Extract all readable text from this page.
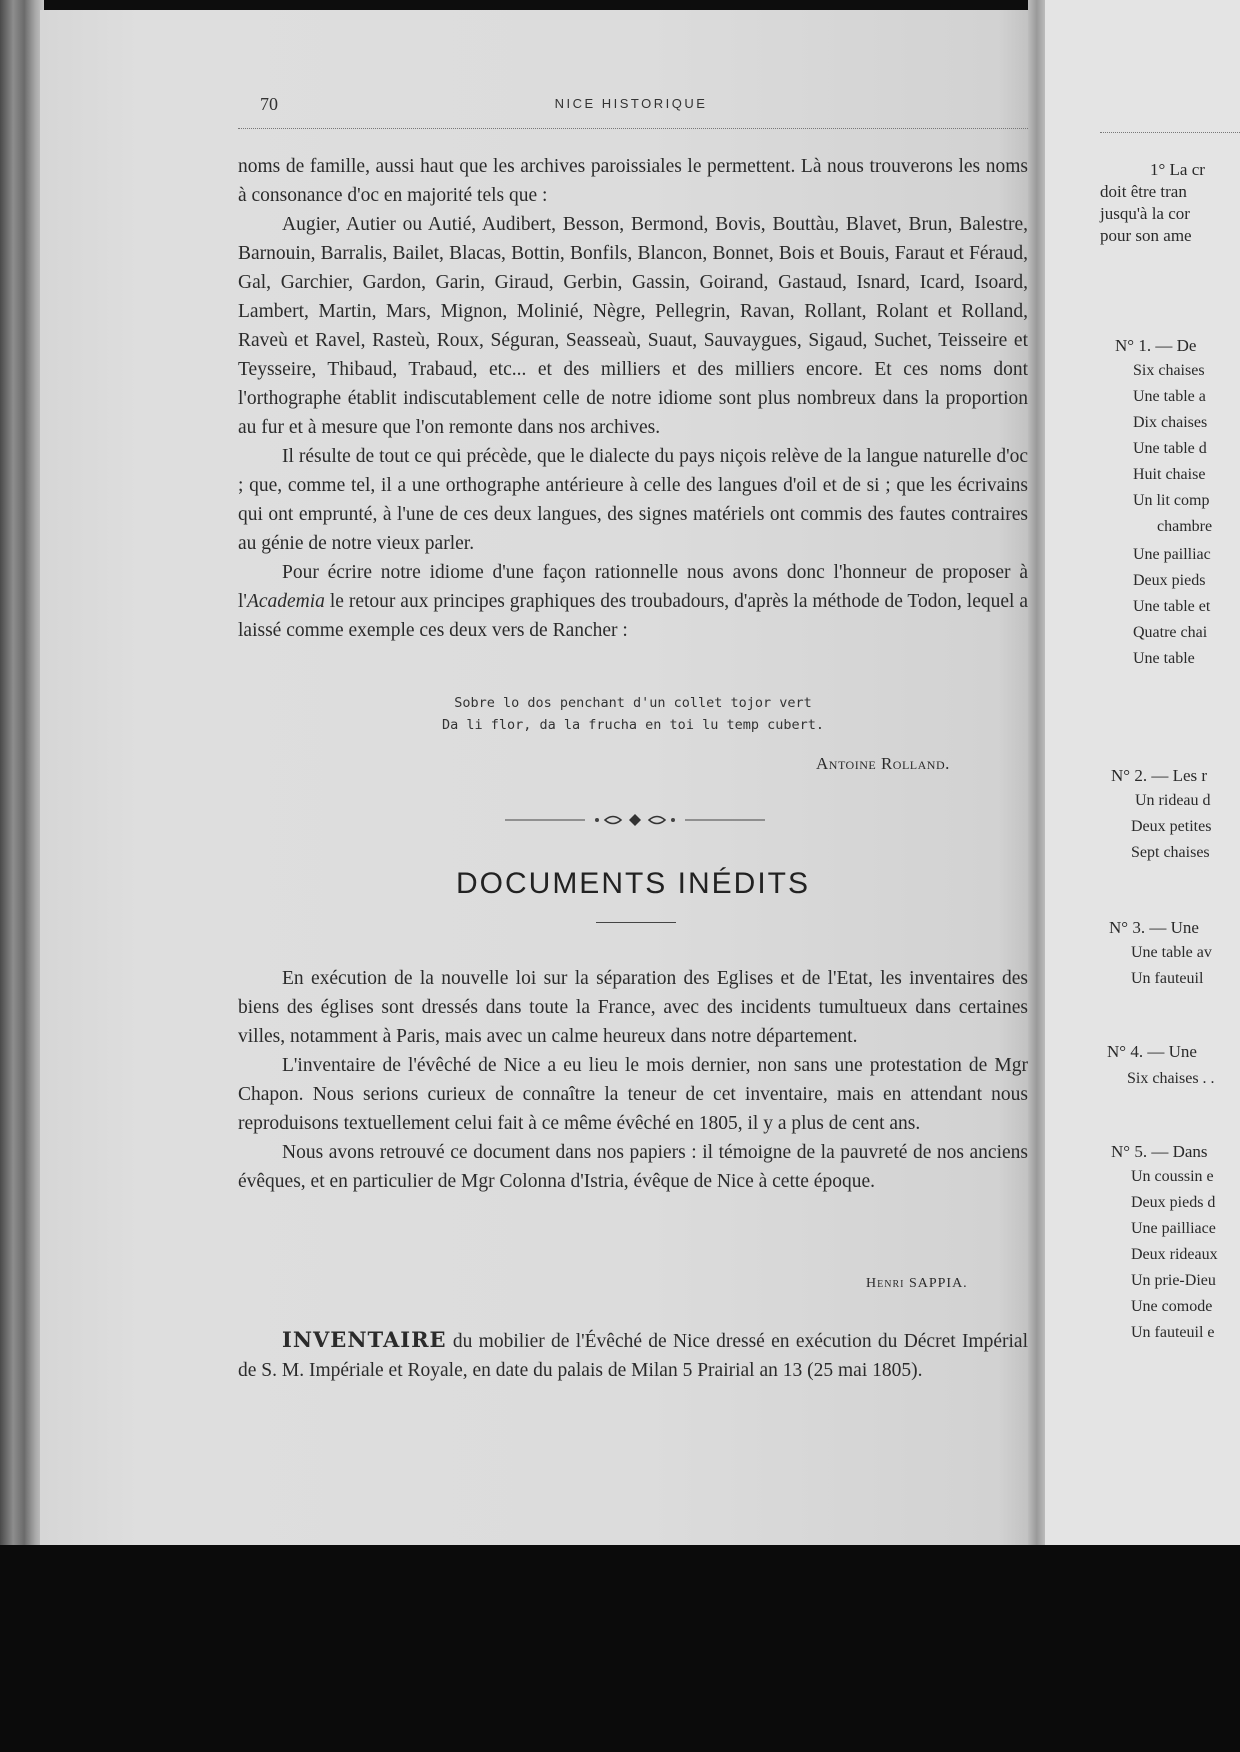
70	NICE HISTORIQUE

noms de famille, aussi haut que les archives paroissiales le permettent. Là nous trouverons les noms à consonance d'oc en majorité tels que :

Augier, Autier ou Autié, Audibert, Besson, Bermond, Bovis, Bouttàu, Blavet, Brun, Balestre, Barnouin, Barralis, Bailet, Blacas, Bottin, Bonfils, Blancon, Bonnet, Bois et Bouis, Faraut et Féraud, Gal, Garchier, Gardon, Garin, Giraud, Gerbin, Gassin, Goirand, Gastaud, Isnard, Icard, Isoard, Lambert, Martin, Mars, Mignon, Molinié, Nègre, Pellegrin, Ravan, Rollant, Rolant et Rolland, Raveù et Ravel, Rasteù, Roux, Séguran, Seasseaù, Suaut, Sauvaygues, Sigaud, Suchet, Teisseire et Teysseire, Thibaud, Trabaud, etc... et des milliers et des milliers encore. Et ces noms dont l'orthographe établit indiscutablement celle de notre idiome sont plus nombreux dans la proportion au fur et à mesure que l'on remonte dans nos archives.

Il résulte de tout ce qui précède, que le dialecte du pays niçois relève de la langue naturelle d'oc ; que, comme tel, il a une orthographe antérieure à celle des langues d'oil et de si ; que les écrivains qui ont emprunté, à l'une de ces deux langues, des signes matériels ont commis des fautes contraires au génie de notre vieux parler.

Pour écrire notre idiome d'une façon rationnelle nous avons donc l'honneur de proposer à l'Academia le retour aux principes graphiques des troubadours, d'après la méthode de Todon, lequel a laissé comme exemple ces deux vers de Rancher :

Sobre lo dos penchant d'un collet tojor vert
Da li flor, da la frucha en toi lu temp cubert.
Antoine Rolland.
DOCUMENTS INÉDITS

En exécution de la nouvelle loi sur la séparation des Eglises et de l'Etat, les inventaires des biens des églises sont dressés dans toute la France, avec des incidents tumultueux dans certaines villes, notamment à Paris, mais avec un calme heureux dans notre département.

L'inventaire de l'évêché de Nice a eu lieu le mois dernier, non sans une protestation de Mgr Chapon. Nous serions curieux de connaître la teneur de cet inventaire, mais en attendant nous reproduisons textuellement celui fait à ce même évêché en 1805, il y a plus de cent ans.

Nous avons retrouvé ce document dans nos papiers : il témoigne de la pauvreté de nos anciens évêques, et en particulier de Mgr Colonna d'Istria, évêque de Nice à cette époque.

Henri SAPPIA.

INVENTAIRE du mobilier de l'Évêché de Nice dressé en exécution du Décret Impérial de S. M. Impériale et Royale, en date du palais de Milan 5 Prairial an 13 (25 mai 1805).

1° La cr
doit être tran
jusqu'à la cor
pour son ame
N° 1. — De
Six chaises
Une table a
Dix chaises
Une table d
Huit chaise
Un lit comp
chambre
Une pailliac
Deux pieds
Une table et
Quatre chai
Une table
N° 2. — Les r
Un rideau d
Deux petites
Sept chaises
N° 3. — Une
Une table av
Un fauteuil
N° 4. — Une
Six chaises . .
N° 5. — Dans
Un coussin e
Deux pieds d
Une pailliace
Deux rideaux
Un prie-Dieu
Une comode
Un fauteuil e
